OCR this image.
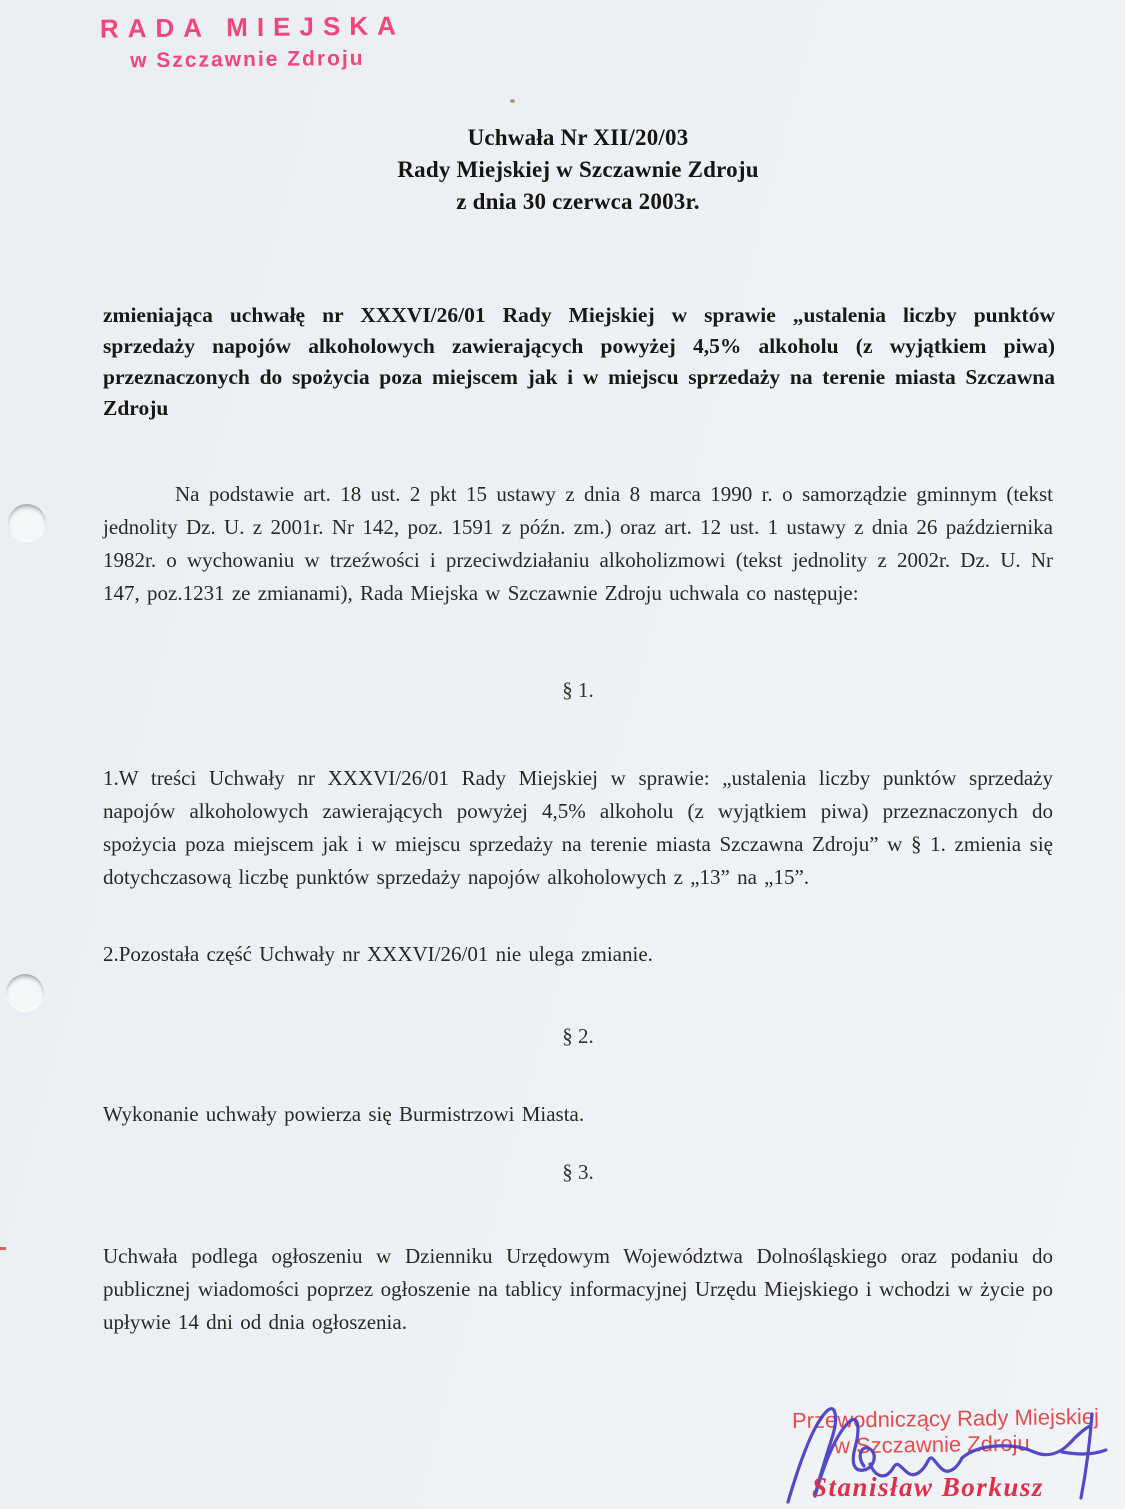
RADA MIEJSKA
w Szczawnie Zdroju
Uchwała Nr XII/20/03
Rady Miejskiej w Szczawnie Zdroju
z dnia 30 czerwca 2003r.
zmieniająca uchwałę nr XXXVI/26/01 Rady Miejskiej w sprawie „ustalenia liczby punktów sprzedaży napojów alkoholowych zawierających powyżej 4,5% alkoholu (z wyjątkiem piwa) przeznaczonych do spożycia poza miejscem jak i w miejscu sprzedaży na terenie miasta Szczawna Zdroju
Na podstawie art. 18 ust. 2 pkt 15 ustawy z dnia 8 marca 1990 r. o samorządzie gminnym (tekst jednolity Dz. U. z 2001r. Nr 142, poz. 1591 z późn. zm.) oraz art. 12 ust. 1 ustawy z dnia 26 października 1982r. o wychowaniu w trzeźwości i przeciwdziałaniu alkoholizmowi (tekst jednolity z 2002r. Dz. U. Nr 147, poz.1231 ze zmianami), Rada Miejska w Szczawnie Zdroju uchwala co następuje:
§ 1.
1.W treści Uchwały nr XXXVI/26/01 Rady Miejskiej w sprawie: „ustalenia liczby punktów sprzedaży napojów alkoholowych zawierających powyżej 4,5% alkoholu (z wyjątkiem piwa) przeznaczonych do spożycia poza miejscem jak i w miejscu sprzedaży na terenie miasta Szczawna Zdroju” w § 1. zmienia się dotychczasową liczbę punktów sprzedaży napojów alkoholowych z „13” na „15”.
2.Pozostała część Uchwały nr XXXVI/26/01 nie ulega zmianie.
§ 2.
Wykonanie uchwały powierza się Burmistrzowi Miasta.
§ 3.
Uchwała podlega ogłoszeniu w Dzienniku Urzędowym Województwa Dolnośląskiego oraz podaniu do publicznej wiadomości poprzez ogłoszenie na tablicy informacyjnej Urzędu Miejskiego i wchodzi w życie po upływie 14 dni od dnia ogłoszenia.
Przewodniczący Rady Miejskiej
w Szczawnie Zdroju
Stanisław Borkusz
